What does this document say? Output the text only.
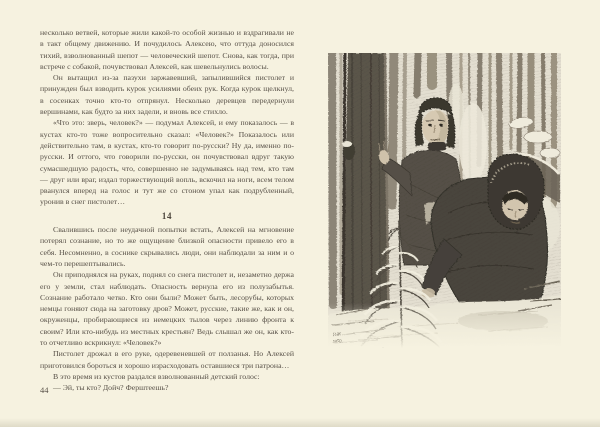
несколько ветвей, которые жили какой-то особой жизнью и вздрагивали не в такт общему движению. И почудилось Алексею, что оттуда доносился тихий, взволнованный шепот — человеческий шепот. Снова, как тогда, при встрече с собакой, почувствовал Алексей, как шевельнулись волосы.

Он вытащил из-за пазухи заржавевший, запылившийся пистолет и принужден был взводить курок усилиями обеих рук. Когда курок щелкнул, в сосенках точно кто-то отпрянул. Несколько деревцев передернули вершинами, как будто за них задели, и вновь все стихло.

«Что это: зверь, человек?» — подумал Алексей, и ему показалось — в кустах кто-то тоже вопросительно сказал: «Человек?» Показалось или действительно там, в кустах, кто-то говорит по-русски? Ну да, именно по-русски. И оттого, что говорили по-русски, он почувствовал вдруг такую сумасшедшую радость, что, совершенно не задумываясь над тем, кто там — друг или враг, издал торжествующий вопль, вскочил на ноги, всем телом рванулся вперед на голос и тут же со стоном упал как подрубленный, уронив в снег пистолет…

14

Свалившись после неудачной попытки встать, Алексей на мгновение потерял сознание, но то же ощущение близкой опасности привело его в себя. Несомненно, в соснике скрывались люди, они наблюдали за ним и о чем-то перешептывались.

Он приподнялся на руках, поднял со снега пистолет и, незаметно держа его у земли, стал наблюдать. Опасность вернула его из полузабытья. Сознание работало четко. Кто они были? Может быть, лесорубы, которых немцы гоняют сюда на заготовку дров? Может, русские, такие же, как и он, окруженцы, пробирающиеся из немецких тылов через линию фронта к своим? Или кто-нибудь из местных крестьян? Ведь слышал же он, как кто-то отчетливо вскрикнул: «Человек?»

Пистолет дрожал в его руке, одеревеневшей от ползанья. Но Алексей приготовился бороться и хорошо израсходовать оставшиеся три патрона…

В это время из кустов раздался взволнованный детский голос:

— Эй, ты кто? Дойч? Ферштеешь?

44
НЖ
1950.
